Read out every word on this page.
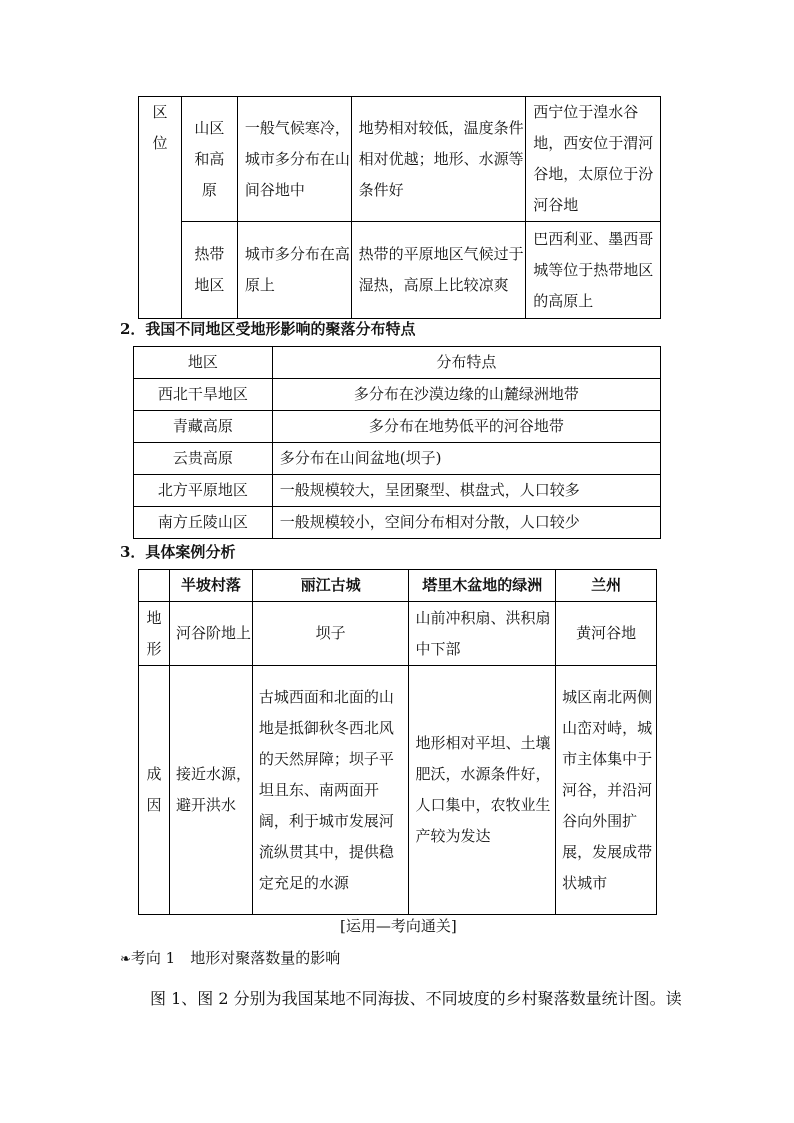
区位	山区和高原	一般气候寒冷，城市多分布在山间谷地中	地势相对较低，温度条件相对优越；地形、水源等条件好	西宁位于湟水谷地，西安位于渭河谷地，太原位于汾河谷地

	热带地区	城市多分布在高原上	热带的平原地区气候过于湿热，高原上比较凉爽	巴西利亚、墨西哥城等位于热带地区的高原上
2．我国不同地区受地形影响的聚落分布特点
地区	分布特点
西北干旱地区	多分布在沙漠边缘的山麓绿洲地带
青藏高原	多分布在地势低平的河谷地带
云贵高原	多分布在山间盆地(坝子)
北方平原地区	一般规模较大，呈团聚型、棋盘式，人口较多
南方丘陵山区	一般规模较小，空间分布相对分散，人口较少
3．具体案例分析
	半坡村落	丽江古城	塔里木盆地的绿洲	兰州

地形	河谷阶地上	坝子	山前冲积扇、洪积扇中下部	黄河谷地

成因	接近水源，避开洪水	古城西面和北面的山地是抵御秋冬西北风的天然屏障；坝子平坦且东、南两面开阔，利于城市发展河流纵贯其中，提供稳定充足的水源	地形相对平坦、土壤肥沃，水源条件好，人口集中，农牧业生产较为发达	城区南北两侧山峦对峙，城市主体集中于河谷，并沿河谷向外围扩展，发展成带状城市
[运用—考向通关]
❧考向 1　地形对聚落数量的影响
图 1、图 2 分别为我国某地不同海拔、不同坡度的乡村聚落数量统计图。读
